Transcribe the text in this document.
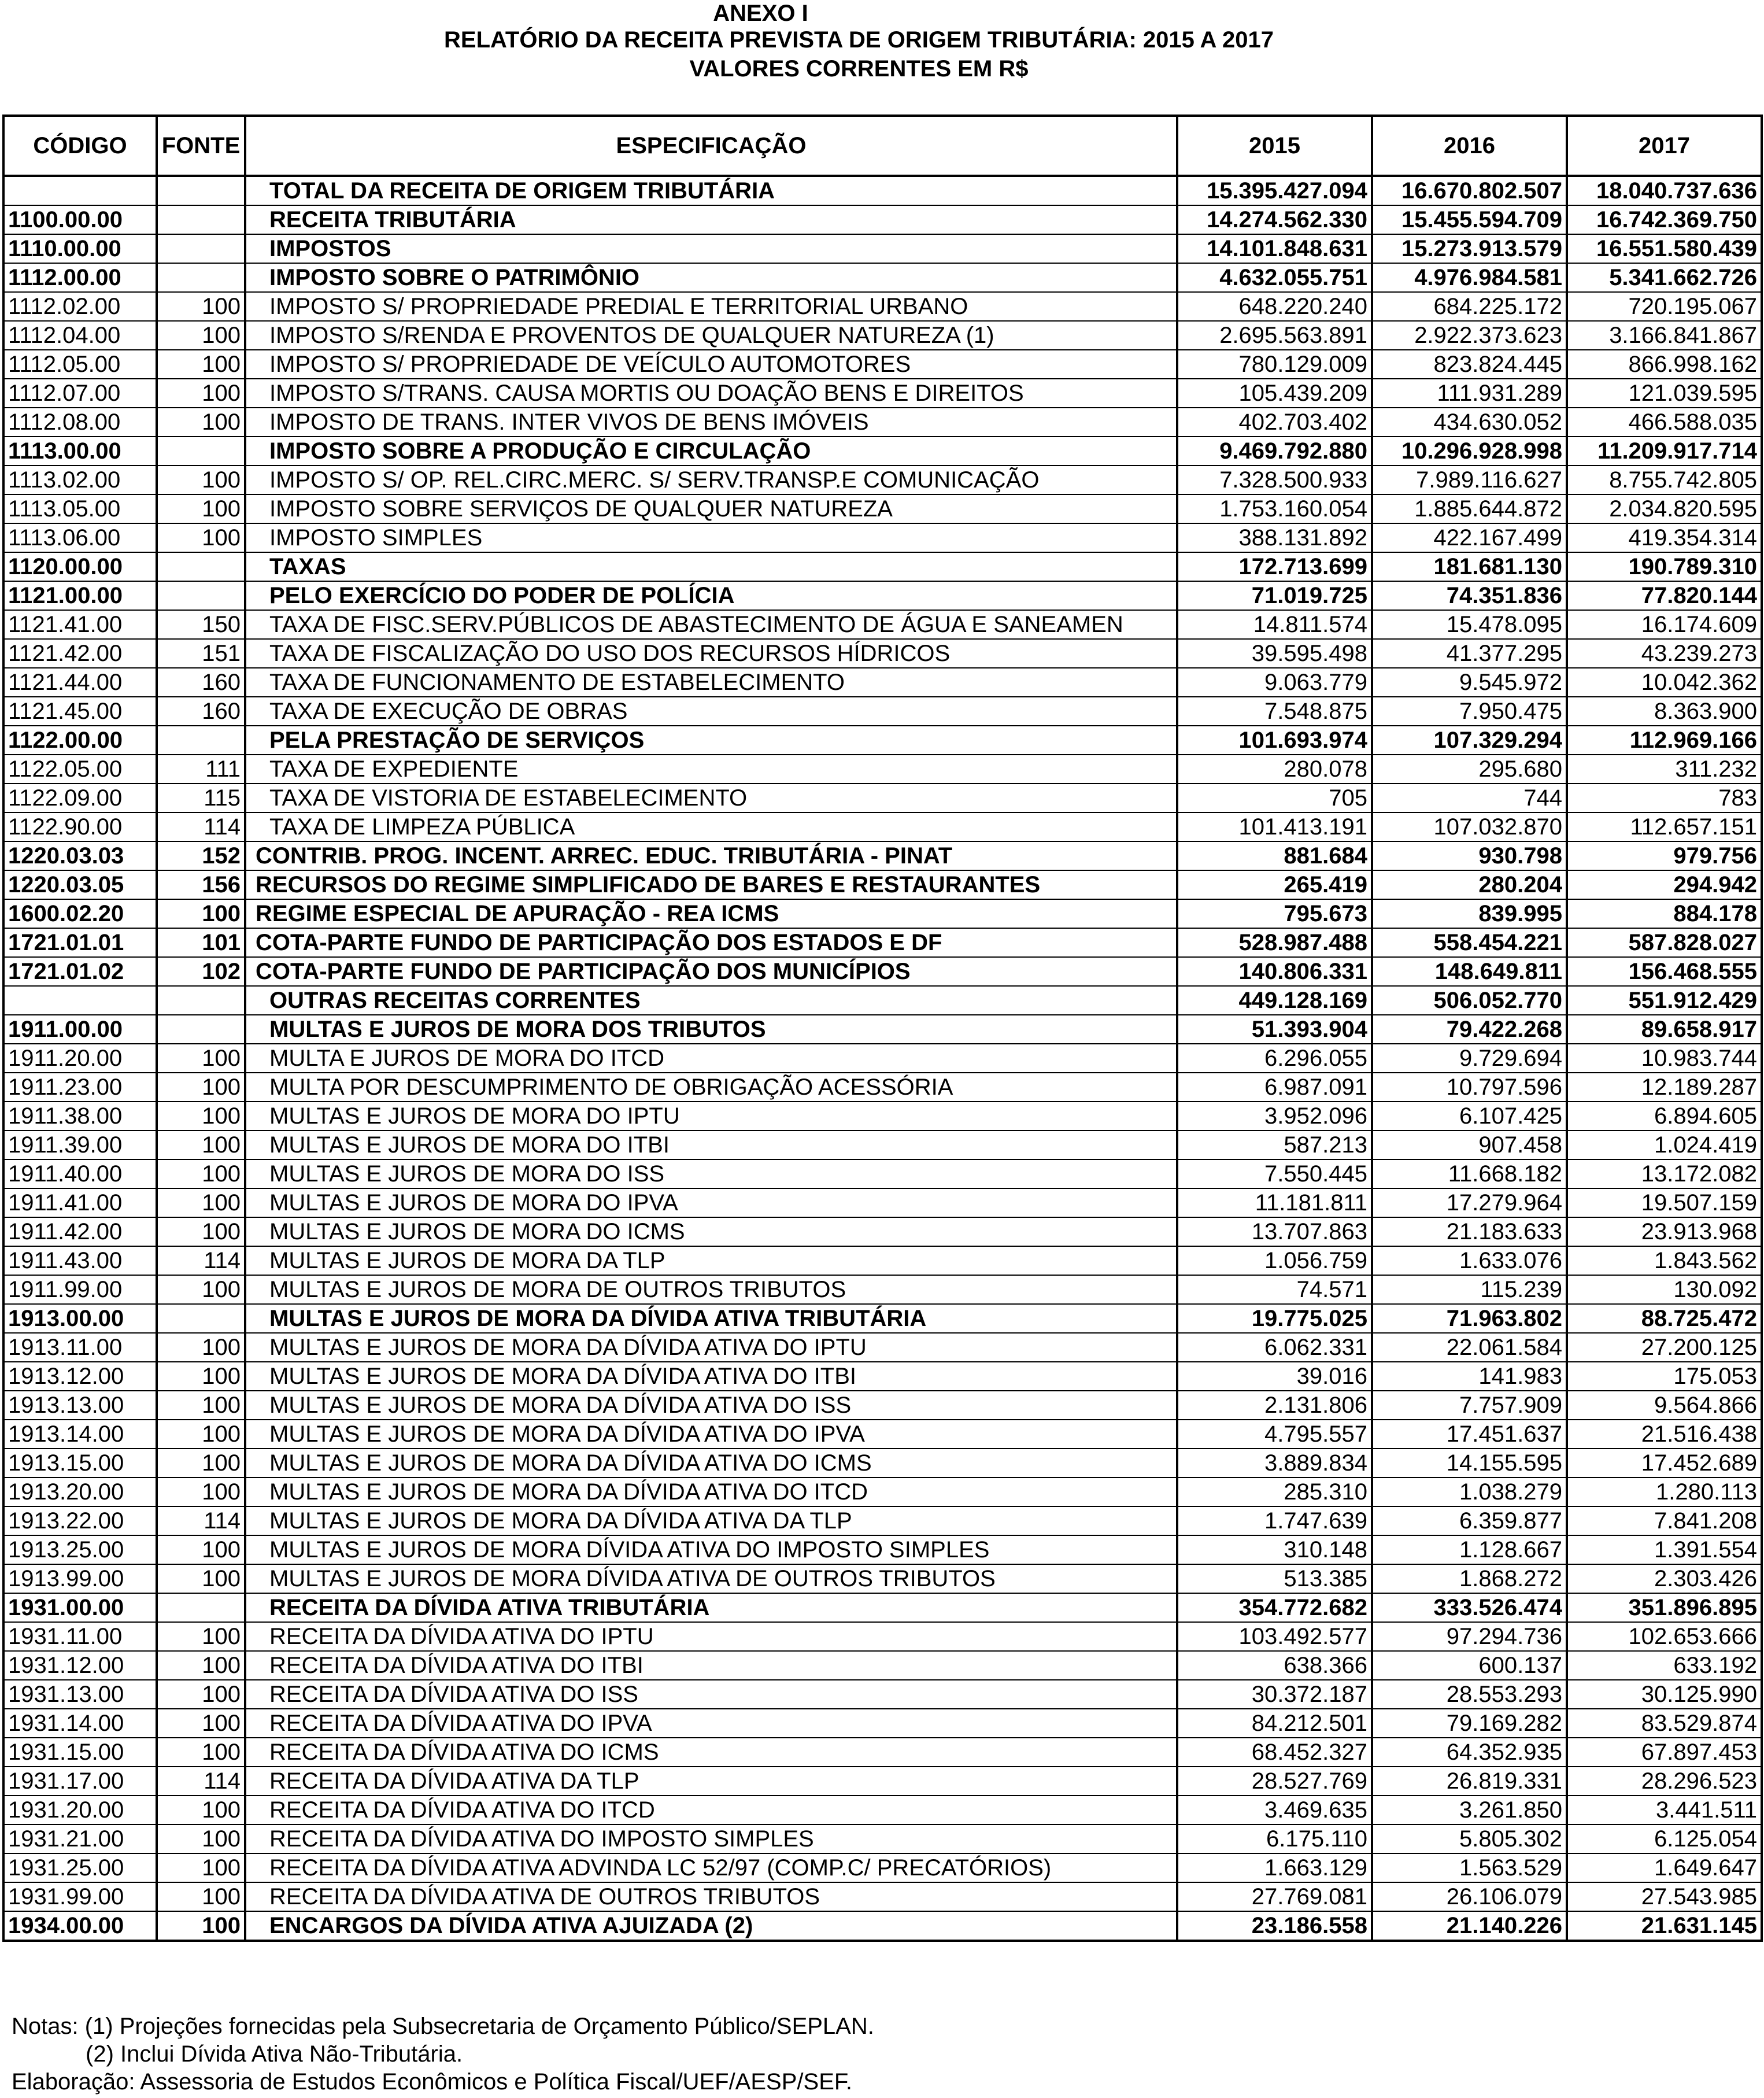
ANEXO I
RELATÓRIO DA RECEITA PREVISTA DE ORIGEM TRIBUTÁRIA: 2015 A 2017
VALORES CORRENTES EM R$
CÓDIGO	FONTE	ESPECIFICAÇÃO	2015	2016	2017
		TOTAL DA RECEITA DE ORIGEM TRIBUTÁRIA	15.395.427.094	16.670.802.507	18.040.737.636
1100.00.00		RECEITA TRIBUTÁRIA	14.274.562.330	15.455.594.709	16.742.369.750
1110.00.00		IMPOSTOS	14.101.848.631	15.273.913.579	16.551.580.439
1112.00.00		IMPOSTO SOBRE O PATRIMÔNIO	4.632.055.751	4.976.984.581	5.341.662.726
1112.02.00	100	IMPOSTO S/ PROPRIEDADE PREDIAL E TERRITORIAL URBANO	648.220.240	684.225.172	720.195.067
1112.04.00	100	IMPOSTO S/RENDA E PROVENTOS DE QUALQUER NATUREZA (1)	2.695.563.891	2.922.373.623	3.166.841.867
1112.05.00	100	IMPOSTO S/ PROPRIEDADE DE VEÍCULO AUTOMOTORES	780.129.009	823.824.445	866.998.162
1112.07.00	100	IMPOSTO S/TRANS. CAUSA MORTIS OU DOAÇÃO BENS E DIREITOS	105.439.209	111.931.289	121.039.595
1112.08.00	100	IMPOSTO DE TRANS. INTER VIVOS DE BENS IMÓVEIS	402.703.402	434.630.052	466.588.035
1113.00.00		IMPOSTO SOBRE A PRODUÇÃO E CIRCULAÇÃO	9.469.792.880	10.296.928.998	11.209.917.714
1113.02.00	100	IMPOSTO S/ OP. REL.CIRC.MERC. S/ SERV.TRANSP.E COMUNICAÇÃO	7.328.500.933	7.989.116.627	8.755.742.805
1113.05.00	100	IMPOSTO SOBRE SERVIÇOS DE QUALQUER NATUREZA	1.753.160.054	1.885.644.872	2.034.820.595
1113.06.00	100	IMPOSTO SIMPLES	388.131.892	422.167.499	419.354.314
1120.00.00		TAXAS	172.713.699	181.681.130	190.789.310
1121.00.00		PELO EXERCÍCIO DO PODER DE POLÍCIA	71.019.725	74.351.836	77.820.144
1121.41.00	150	TAXA DE FISC.SERV.PÚBLICOS DE ABASTECIMENTO DE ÁGUA E SANEAMEN	14.811.574	15.478.095	16.174.609
1121.42.00	151	TAXA DE FISCALIZAÇÃO DO USO DOS RECURSOS HÍDRICOS	39.595.498	41.377.295	43.239.273
1121.44.00	160	TAXA DE FUNCIONAMENTO DE ESTABELECIMENTO	9.063.779	9.545.972	10.042.362
1121.45.00	160	TAXA DE EXECUÇÃO DE OBRAS	7.548.875	7.950.475	8.363.900
1122.00.00		PELA PRESTAÇÃO DE SERVIÇOS	101.693.974	107.329.294	112.969.166
1122.05.00	111	TAXA DE EXPEDIENTE	280.078	295.680	311.232
1122.09.00	115	TAXA DE VISTORIA DE ESTABELECIMENTO	705	744	783
1122.90.00	114	TAXA DE LIMPEZA PÚBLICA	101.413.191	107.032.870	112.657.151
1220.03.03	152	CONTRIB. PROG. INCENT. ARREC. EDUC. TRIBUTÁRIA - PINAT	881.684	930.798	979.756
1220.03.05	156	RECURSOS DO REGIME SIMPLIFICADO DE BARES E RESTAURANTES	265.419	280.204	294.942
1600.02.20	100	REGIME ESPECIAL DE APURAÇÃO - REA ICMS	795.673	839.995	884.178
1721.01.01	101	COTA-PARTE FUNDO DE PARTICIPAÇÃO DOS ESTADOS E DF	528.987.488	558.454.221	587.828.027
1721.01.02	102	COTA-PARTE FUNDO DE PARTICIPAÇÃO DOS MUNICÍPIOS	140.806.331	148.649.811	156.468.555
		OUTRAS RECEITAS CORRENTES	449.128.169	506.052.770	551.912.429
1911.00.00		MULTAS E JUROS DE MORA DOS TRIBUTOS	51.393.904	79.422.268	89.658.917
1911.20.00	100	MULTA E JUROS DE MORA DO ITCD	6.296.055	9.729.694	10.983.744
1911.23.00	100	MULTA POR DESCUMPRIMENTO DE OBRIGAÇÃO ACESSÓRIA	6.987.091	10.797.596	12.189.287
1911.38.00	100	MULTAS E JUROS DE MORA DO IPTU	3.952.096	6.107.425	6.894.605
1911.39.00	100	MULTAS E JUROS DE MORA DO ITBI	587.213	907.458	1.024.419
1911.40.00	100	MULTAS E JUROS DE MORA DO ISS	7.550.445	11.668.182	13.172.082
1911.41.00	100	MULTAS E JUROS DE MORA DO IPVA	11.181.811	17.279.964	19.507.159
1911.42.00	100	MULTAS E JUROS DE MORA DO ICMS	13.707.863	21.183.633	23.913.968
1911.43.00	114	MULTAS E JUROS DE MORA DA TLP	1.056.759	1.633.076	1.843.562
1911.99.00	100	MULTAS E JUROS DE MORA DE OUTROS TRIBUTOS	74.571	115.239	130.092
1913.00.00		MULTAS E JUROS DE MORA DA DÍVIDA ATIVA TRIBUTÁRIA	19.775.025	71.963.802	88.725.472
1913.11.00	100	MULTAS E JUROS DE MORA DA DÍVIDA ATIVA DO IPTU	6.062.331	22.061.584	27.200.125
1913.12.00	100	MULTAS E JUROS DE MORA DA DÍVIDA ATIVA DO ITBI	39.016	141.983	175.053
1913.13.00	100	MULTAS E JUROS DE MORA DA DÍVIDA ATIVA DO ISS	2.131.806	7.757.909	9.564.866
1913.14.00	100	MULTAS E JUROS DE MORA DA DÍVIDA ATIVA DO IPVA	4.795.557	17.451.637	21.516.438
1913.15.00	100	MULTAS E JUROS DE MORA DA DÍVIDA ATIVA DO ICMS	3.889.834	14.155.595	17.452.689
1913.20.00	100	MULTAS E JUROS DE MORA DA DÍVIDA ATIVA DO ITCD	285.310	1.038.279	1.280.113
1913.22.00	114	MULTAS E JUROS DE MORA DA DÍVIDA ATIVA DA TLP	1.747.639	6.359.877	7.841.208
1913.25.00	100	MULTAS E JUROS DE MORA DÍVIDA ATIVA DO IMPOSTO SIMPLES	310.148	1.128.667	1.391.554
1913.99.00	100	MULTAS E JUROS DE MORA DÍVIDA ATIVA DE OUTROS TRIBUTOS	513.385	1.868.272	2.303.426
1931.00.00		RECEITA DA DÍVIDA ATIVA TRIBUTÁRIA	354.772.682	333.526.474	351.896.895
1931.11.00	100	RECEITA DA DÍVIDA ATIVA DO IPTU	103.492.577	97.294.736	102.653.666
1931.12.00	100	RECEITA DA DÍVIDA ATIVA DO ITBI	638.366	600.137	633.192
1931.13.00	100	RECEITA DA DÍVIDA ATIVA DO ISS	30.372.187	28.553.293	30.125.990
1931.14.00	100	RECEITA DA DÍVIDA ATIVA DO IPVA	84.212.501	79.169.282	83.529.874
1931.15.00	100	RECEITA DA DÍVIDA ATIVA DO ICMS	68.452.327	64.352.935	67.897.453
1931.17.00	114	RECEITA DA DÍVIDA ATIVA DA TLP	28.527.769	26.819.331	28.296.523
1931.20.00	100	RECEITA DA DÍVIDA ATIVA DO ITCD	3.469.635	3.261.850	3.441.511
1931.21.00	100	RECEITA DA DÍVIDA ATIVA DO IMPOSTO SIMPLES	6.175.110	5.805.302	6.125.054
1931.25.00	100	RECEITA DA DÍVIDA ATIVA ADVINDA LC 52/97 (COMP.C/ PRECATÓRIOS)	1.663.129	1.563.529	1.649.647
1931.99.00	100	RECEITA DA DÍVIDA ATIVA DE OUTROS TRIBUTOS	27.769.081	26.106.079	27.543.985
1934.00.00	100	ENCARGOS DA DÍVIDA ATIVA AJUIZADA (2)	23.186.558	21.140.226	21.631.145
Notas: (1) Projeções fornecidas pela Subsecretaria de Orçamento Público/SEPLAN.
(2) Inclui Dívida Ativa Não-Tributária.
Elaboração: Assessoria de Estudos Econômicos e Política Fiscal/UEF/AESP/SEF.
